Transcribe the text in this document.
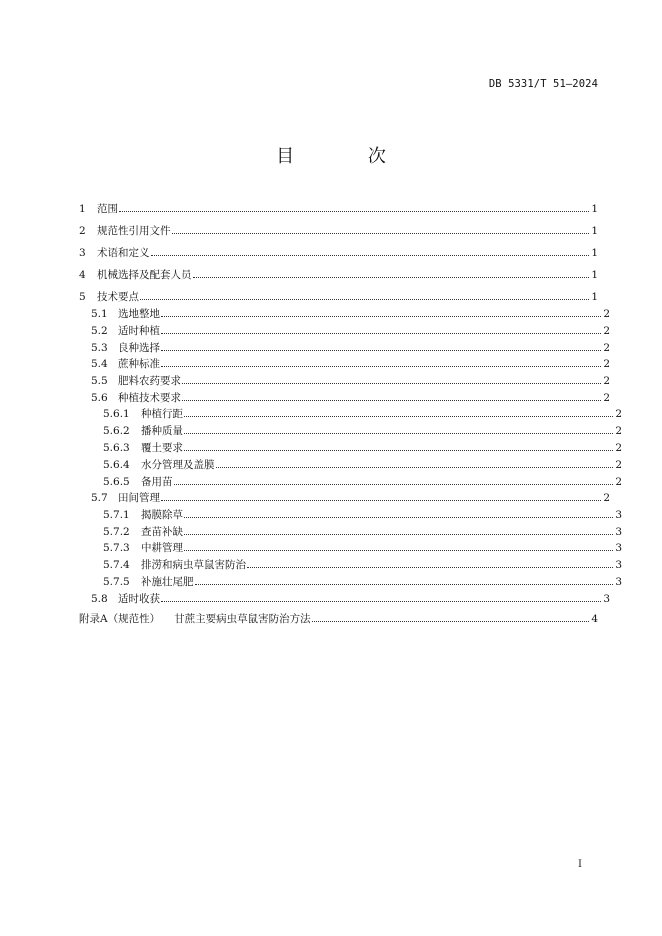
DB 5331/T 51—2024
目 次
1	范围	1
2	规范性引用文件	1
3	术语和定义	1
4	机械选择及配套人员	1
5	技术要点	1
5.1 选地整地	2
5.2 适时种植	2
5.3 良种选择	2
5.4 蔗种标准	2
5.5 肥料农药要求	2
5.6 种植技术要求	2
5.6.1	种植行距	2
5.6.2	播种质量	2
5.6.3	覆土要求	2
5.6.4	水分管理及盖膜	2
5.6.5	备用苗	2
5.7 田间管理	2
5.7.1	揭膜除草	3
5.7.2	查苗补缺	3
5.7.3	中耕管理	3
5.7.4	排涝和病虫草鼠害防治	3
5.7.5	补施壮尾肥	3
5.8 适时收获	3
附录A（规范性） 甘蔗主要病虫草鼠害防治方法	4
I
